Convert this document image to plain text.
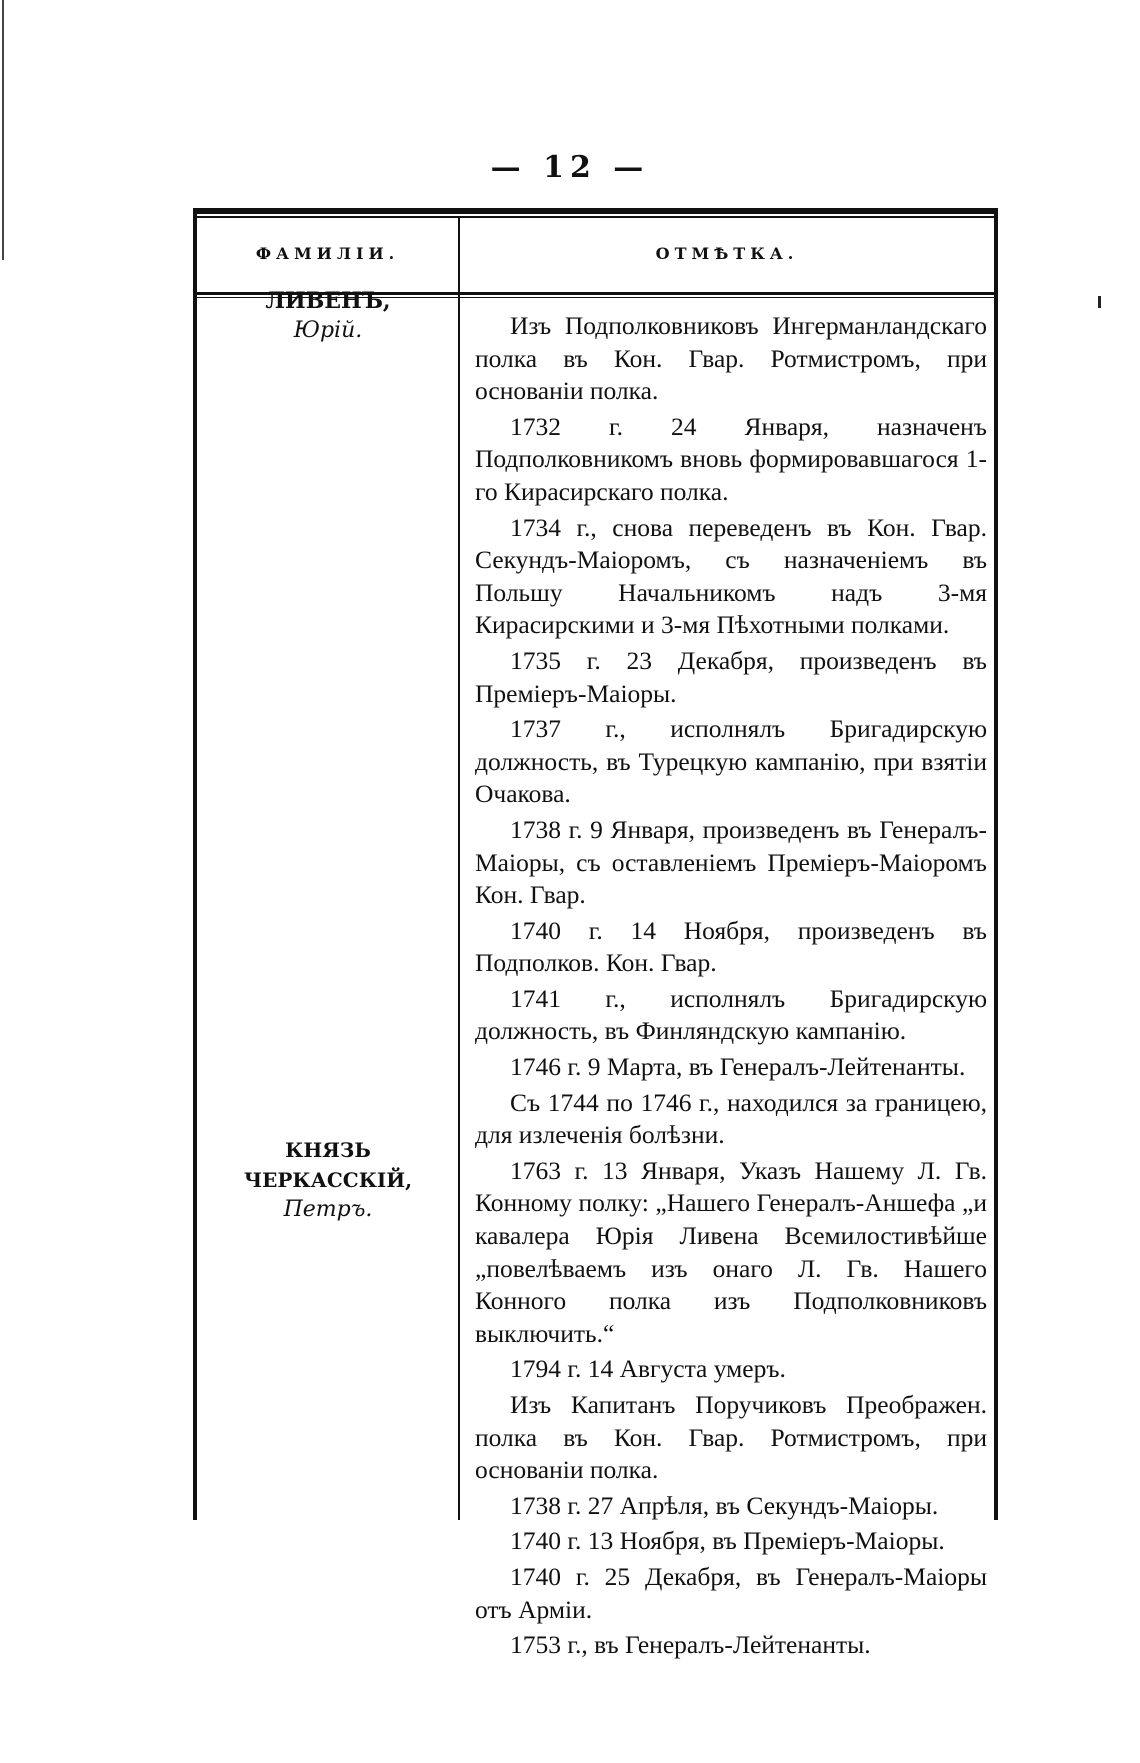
— 12 —
ФАМИЛІИ.	ОТМѢТКА.
ЛИВЕНЪ,
Юрій.
КНЯЗЬ ЧЕРКАССКІЙ,
Петръ.

Изъ Подполковниковъ Ингерманландскаго полка въ Кон. Гвар. Ротмистромъ, при основаніи полка.

1732 г. 24 Января, назначенъ Подполковникомъ вновь формировавшагося 1-го Кирасирскаго полка.

1734 г., снова переведенъ въ Кон. Гвар. Секундъ-Маіоромъ, съ назначеніемъ въ Польшу Начальникомъ надъ 3-мя Кирасирскими и 3-мя Пѣхотными полками.

1735 г. 23 Декабря, произведенъ въ Преміеръ-Маіоры.

1737 г., исполнялъ Бригадирскую должность, въ Турецкую кампанію, при взятіи Очакова.

1738 г. 9 Января, произведенъ въ Генералъ-Маіоры, съ оставленіемъ Преміеръ-Маіоромъ Кон. Гвар.

1740 г. 14 Ноября, произведенъ въ Подполков. Кон. Гвар.

1741 г., исполнялъ Бригадирскую должность, въ Финляндскую кампанію.

1746 г. 9 Марта, въ Генералъ-Лейтенанты.

Съ 1744 по 1746 г., находился за границею, для излеченія болѣзни.

1763 г. 13 Января, Указъ Нашему Л. Гв. Конному полку: „Нашего Генералъ-Аншефа „и кавалера Юрія Ливена Всемилостивѣйше „повелѣваемъ изъ онаго Л. Гв. Нашего Конного полка изъ Подполковниковъ выключить.“

1794 г. 14 Августа умеръ.

Изъ Капитанъ Поручиковъ Преображен. полка въ Кон. Гвар. Ротмистромъ, при основаніи полка.

1738 г. 27 Апрѣля, въ Секундъ-Маіоры.

1740 г. 13 Ноября, въ Преміеръ-Маіоры.

1740 г. 25 Декабря, въ Генералъ-Маіоры отъ Арміи.

1753 г., въ Генералъ-Лейтенанты.
